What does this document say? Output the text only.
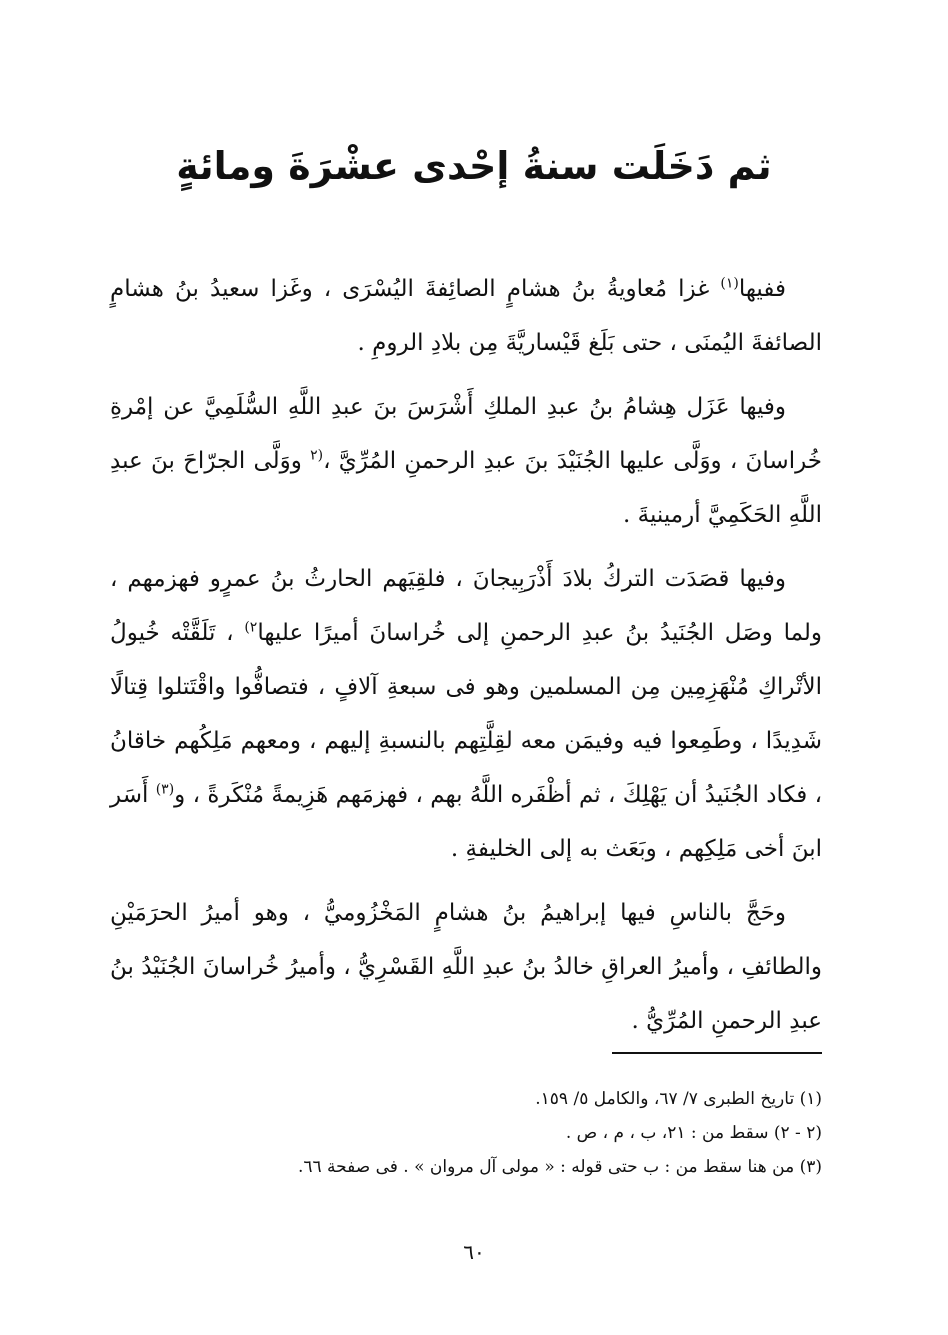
ثم دَخَلَت سنةُ إحْدى عشْرَةَ ومائةٍ

ففيها$^{(١)}$ غزا مُعاويةُ بنُ هشامٍ الصائِفةَ اليُسْرَى ، وغَزا سعيدُ بنُ هشامٍ الصائفةَ اليُمنَى ، حتى بَلَغ قَيْساريَّةَ مِن بلادِ الرومِ .

وفيها عَزَل هِشامُ بنُ عبدِ الملكِ أَشْرَسَ بنَ عبدِ اللَّهِ السُّلَمِيَّ عن إمْرةِ خُراسانَ ، ووَلَّى عليها الجُنَيْدَ بنَ عبدِ الرحمنِ المُرِّيَّ ،$^{(٢}$ ووَلَّى الجرّاحَ بنَ عبدِ اللَّهِ الحَكَمِيَّ أرمينيةَ .

وفيها قصَدَت التركُ بلادَ أَذْرَبِيجانَ ، فلقِيَهم الحارثُ بنُ عمرٍو فهزمهم ، ولما وصَل الجُنَيدُ بنُ عبدِ الرحمنِ إلى خُراسانَ أميرًا عليها$^{٢)}$ ، تَلَقَّتْه خُيولُ الأتْراكِ مُنْهَزِمِين مِن المسلمين وهو فى سبعةِ آلافٍ ، فتصافُّوا واقْتَتلوا قِتالًا شَدِيدًا ، وطَمِعوا فيه وفيمَن معه لقِلَّتِهم بالنسبةِ إليهم ، ومعهم مَلِكُهم خاقانُ ، فكاد الجُنَيدُ أن يَهْلِكَ ، ثم أظْفَره اللَّهُ بهم ، فهزمَهم هَزِيمةً مُنْكَرةً ، و$^{(٣)}$ أَسَر ابنَ أخى مَلِكِهم ، وبَعَث به إلى الخليفةِ .

وحَجَّ بالناسِ فيها إبراهيمُ بنُ هشامٍ المَخْزُوميُّ ، وهو أميرُ الحرَمَيْنِ والطائفِ ، وأميرُ العراقِ خالدُ بنُ عبدِ اللَّهِ القَسْرِيُّ ، وأميرُ خُراسانَ الجُنَيْدُ بنُ عبدِ الرحمنِ المُرِّيُّ .

(١) تاريخ الطبرى ٧/ ٦٧، والكامل ٥/ ١٥٩.
(٢ - ٢) سقط من : ٢١، ب ، م ، ص .
(٣) من هنا سقط من : ب حتى قوله : « مولى آل مروان » . فى صفحة ٦٦.
٦٠
